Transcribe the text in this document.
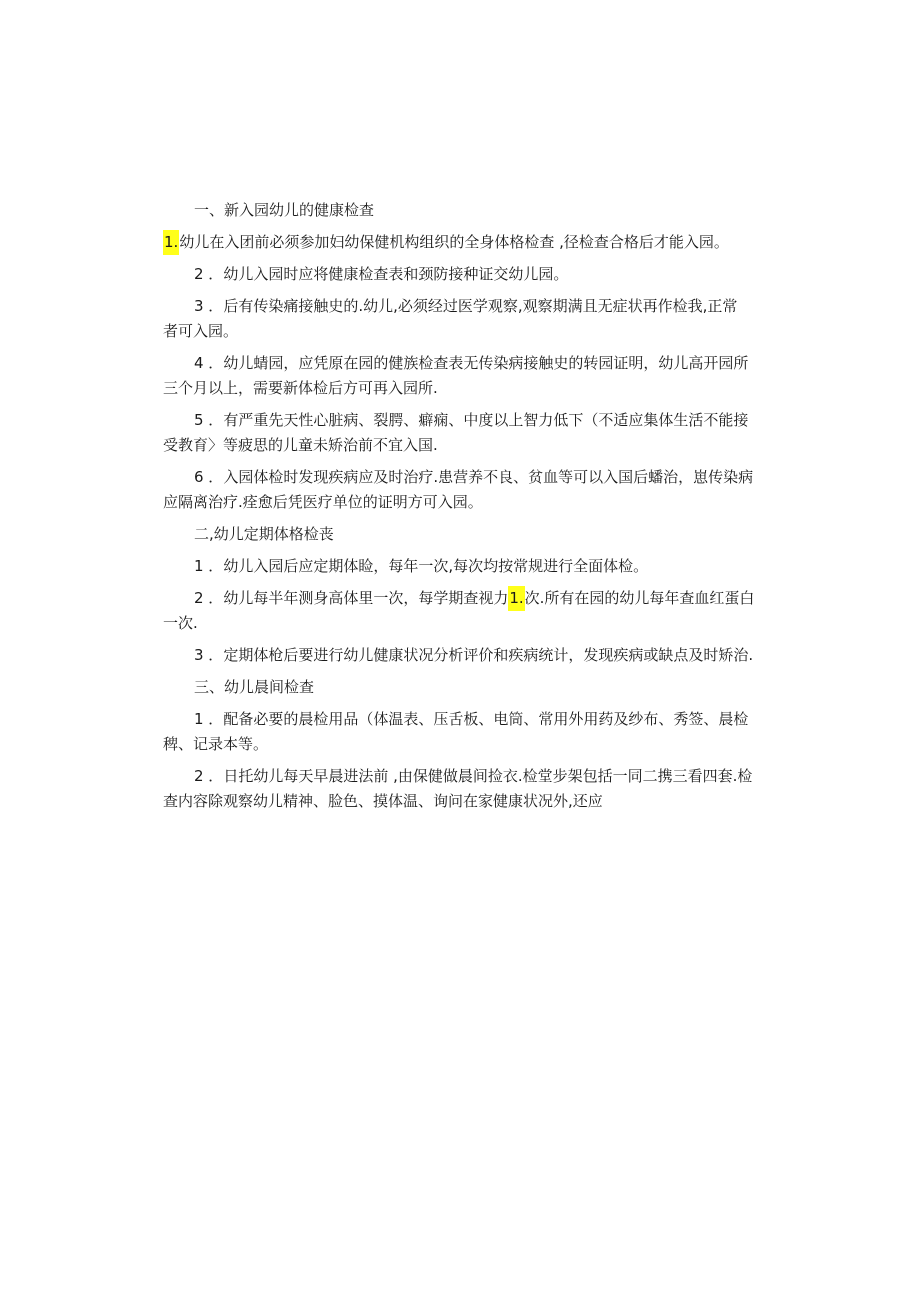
一、新入园幼儿的健康检查
1.幼儿在入团前必须参加妇幼保健机构组织的全身体格检查 ,径检查合格后才能入园。
2 ．幼儿入园时应将健康检查表和颈防接种证交幼儿园。
3 ．后有传染痛接触史的.幼儿,必须经过医学观察,观察期满且无症状再作检我,正常
者可入园。
4 ．幼儿蜻园，应凭原在园的健族检查表无传染病接触史的转园证明，幼儿高开园所
三个月以上，需要新体检后方可再入园所.
5 ．有严重先天性心脏病、裂腭、癖痫、中度以上智力低下（不适应集体生活不能接
受教育〉等疲思的儿童未矫治前不宜入国.
6 ．入园体检时发现疾病应及时治疗.患营养不良、贫血等可以入国后蟠治，崽传染病
应隔离治疗.痊愈后凭医疗单位的证明方可入园。
二,幼儿定期体格检丧
1 ．幼儿入园后应定期体睑，每年一次,每次均按常规进行全面体检。
2 ．幼儿每半年测身高体里一次，每学期查视力1.次.所有在园的幼儿每年查血红蛋白
一次.
3 ．定期体枪后要进行幼儿健康状况分析评价和疾病统计，发现疾病或缺点及时矫治.
三、幼儿晨间检查
1 ．配备必要的晨检用品（体温表、压舌板、电筒、常用外用药及纱布、秀签、晨检
稗、记录本等。
2 ．日托幼儿每天早晨进法前 ,由保健做晨间捡衣.检堂步架包括一同二携三看四套.检
查内容除观察幼儿精神、脸色、摸体温、询问在家健康状况外,还应
